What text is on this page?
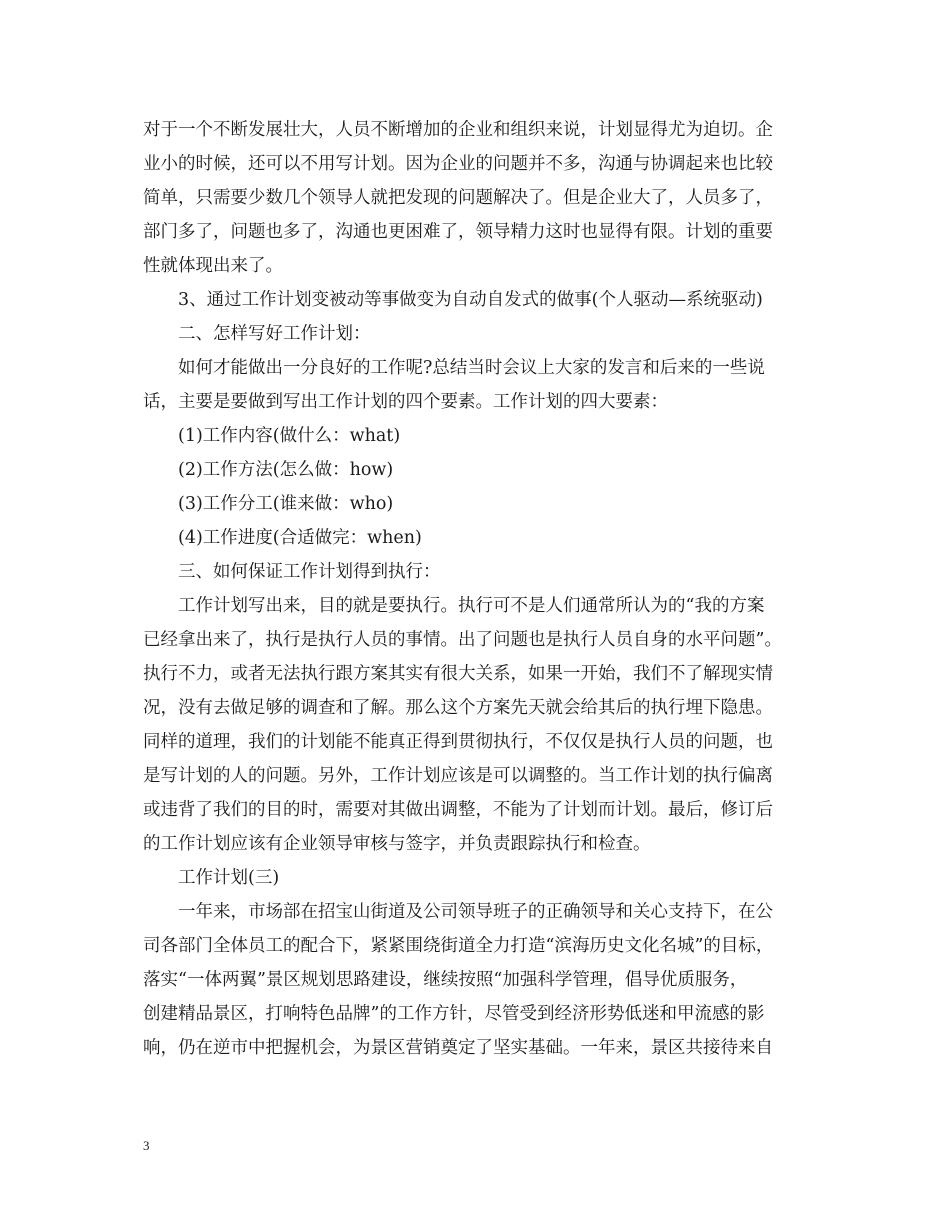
对于一个不断发展壮大，人员不断增加的企业和组织来说，计划显得尤为迫切。企
业小的时候，还可以不用写计划。因为企业的问题并不多，沟通与协调起来也比较
简单，只需要少数几个领导人就把发现的问题解决了。但是企业大了，人员多了，
部门多了，问题也多了，沟通也更困难了，领导精力这时也显得有限。计划的重要
性就体现出来了。
3、通过工作计划变被动等事做变为自动自发式的做事(个人驱动—系统驱动)
二、怎样写好工作计划：
如何才能做出一分良好的工作呢?总结当时会议上大家的发言和后来的一些说
话，主要是要做到写出工作计划的四个要素。工作计划的四大要素：
(1)工作内容(做什么：what)
(2)工作方法(怎么做：how)
(3)工作分工(谁来做：who)
(4)工作进度(合适做完：when)
三、如何保证工作计划得到执行：
工作计划写出来，目的就是要执行。执行可不是人们通常所认为的“我的方案
已经拿出来了，执行是执行人员的事情。出了问题也是执行人员自身的水平问题”。
执行不力，或者无法执行跟方案其实有很大关系，如果一开始，我们不了解现实情
况，没有去做足够的调查和了解。那么这个方案先天就会给其后的执行埋下隐患。
同样的道理，我们的计划能不能真正得到贯彻执行，不仅仅是执行人员的问题，也
是写计划的人的问题。另外，工作计划应该是可以调整的。当工作计划的执行偏离
或违背了我们的目的时，需要对其做出调整，不能为了计划而计划。最后，修订后
的工作计划应该有企业领导审核与签字，并负责跟踪执行和检查。
工作计划(三)
一年来，市场部在招宝山街道及公司领导班子的正确领导和关心支持下，在公
司各部门全体员工的配合下，紧紧围绕街道全力打造“滨海历史文化名城”的目标，
落实“一体两翼”景区规划思路建设，继续按照“加强科学管理，倡导优质服务，
创建精品景区，打响特色品牌”的工作方针，尽管受到经济形势低迷和甲流感的影
响，仍在逆市中把握机会，为景区营销奠定了坚实基础。一年来，景区共接待来自
3
